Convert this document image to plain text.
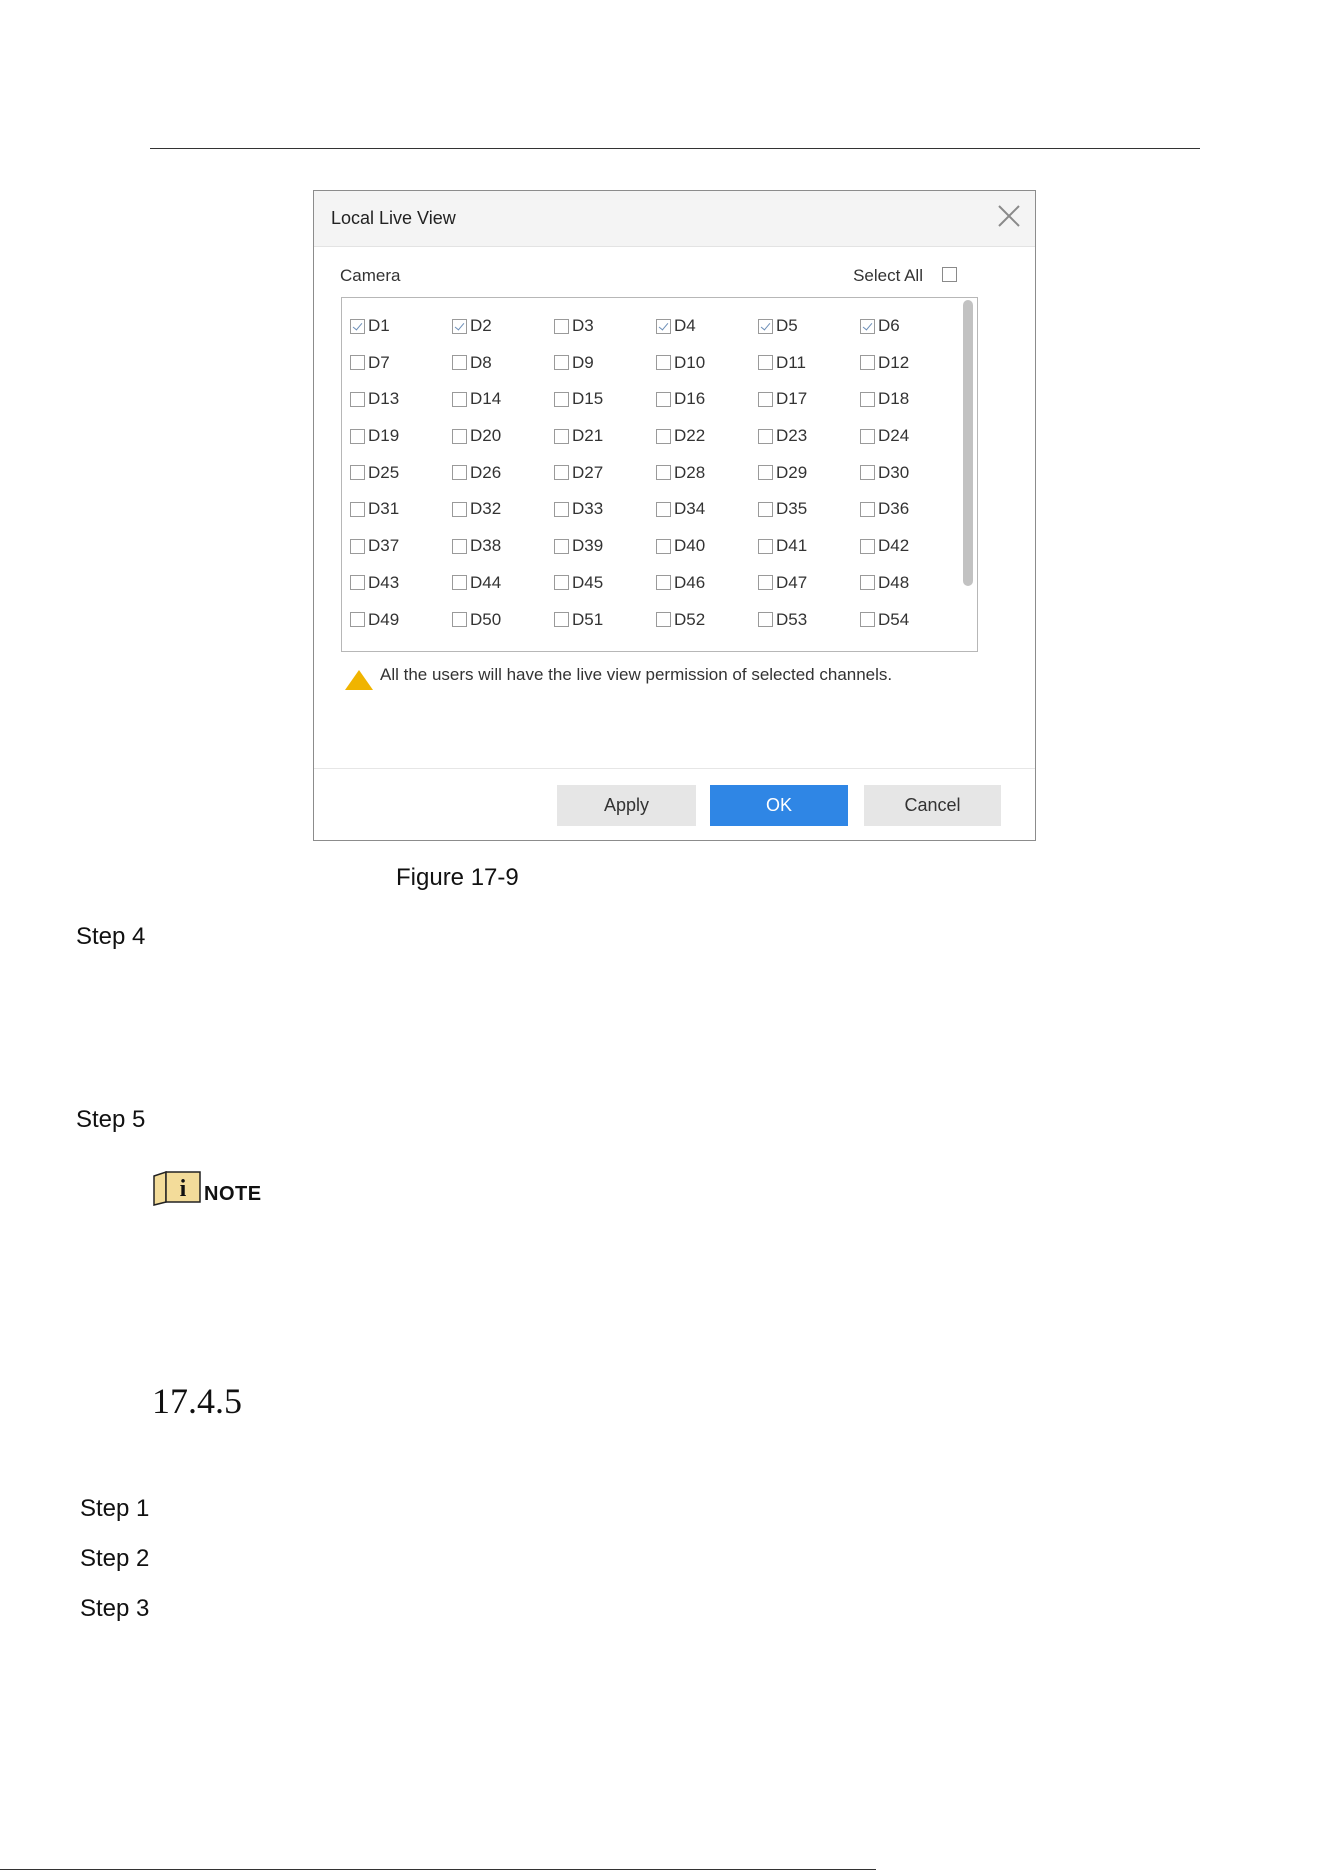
Local Live View
Camera	Select All
D1	D2	D3	D4	D5	D6
D7	D8	D9	D10	D11	D12
D13	D14	D15	D16	D17	D18
D19	D20	D21	D22	D23	D24
D25	D26	D27	D28	D29	D30
D31	D32	D33	D34	D35	D36
D37	D38	D39	D40	D41	D42
D43	D44	D45	D46	D47	D48
D49	D50	D51	D52	D53	D54
All the users will have the live view permission of selected channels.
Apply	OK	Cancel
Figure 17-9
Step 4
Step 5
i NOTE
17.4.5
Step 1
Step 2
Step 3
